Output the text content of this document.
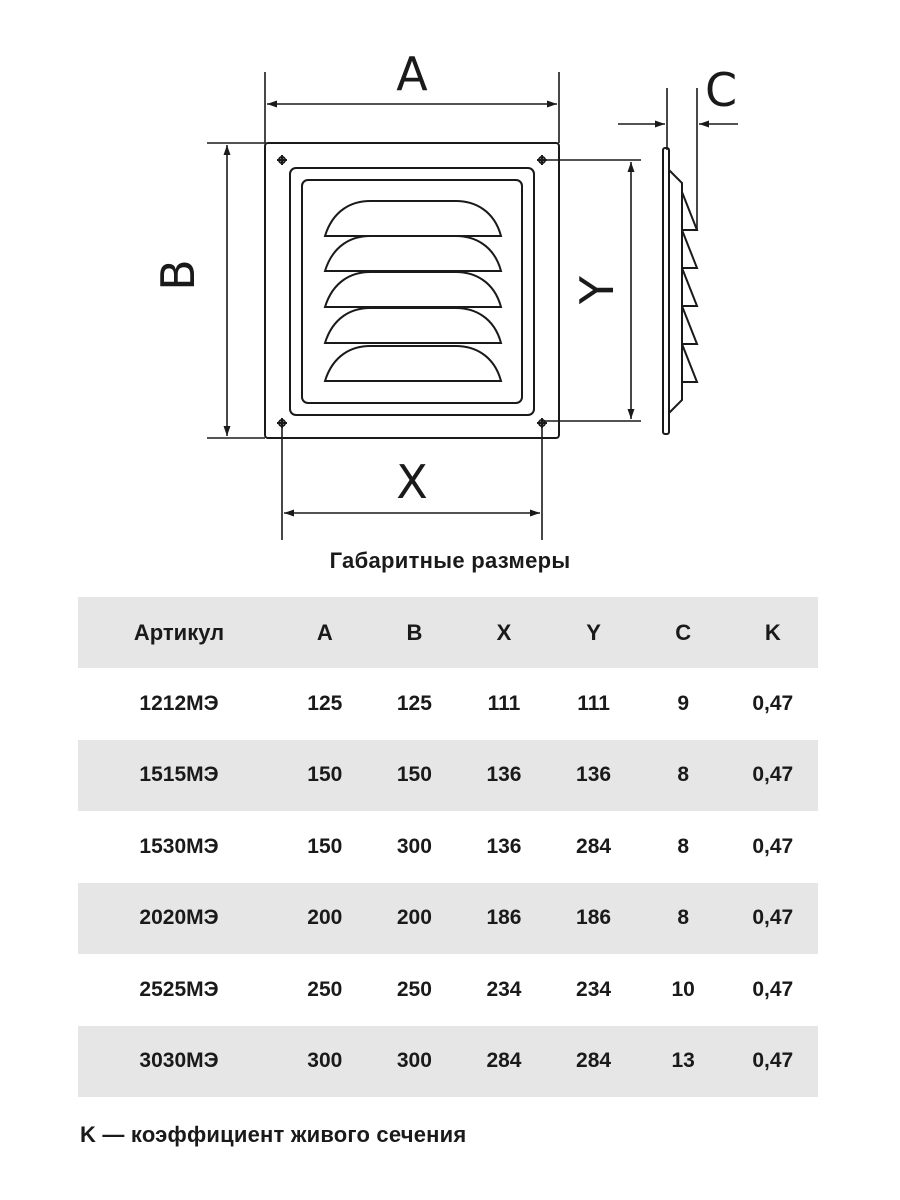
A
B
X
Y
C
Габаритные размеры
Артикул	A	B	X	Y	C	K
1212МЭ	125	125	111	111	9	0,47
1515МЭ	150	150	136	136	8	0,47
1530МЭ	150	300	136	284	8	0,47
2020МЭ	200	200	186	186	8	0,47
2525МЭ	250	250	234	234	10	0,47
3030МЭ	300	300	284	284	13	0,47
K — коэффициент живого сечения
